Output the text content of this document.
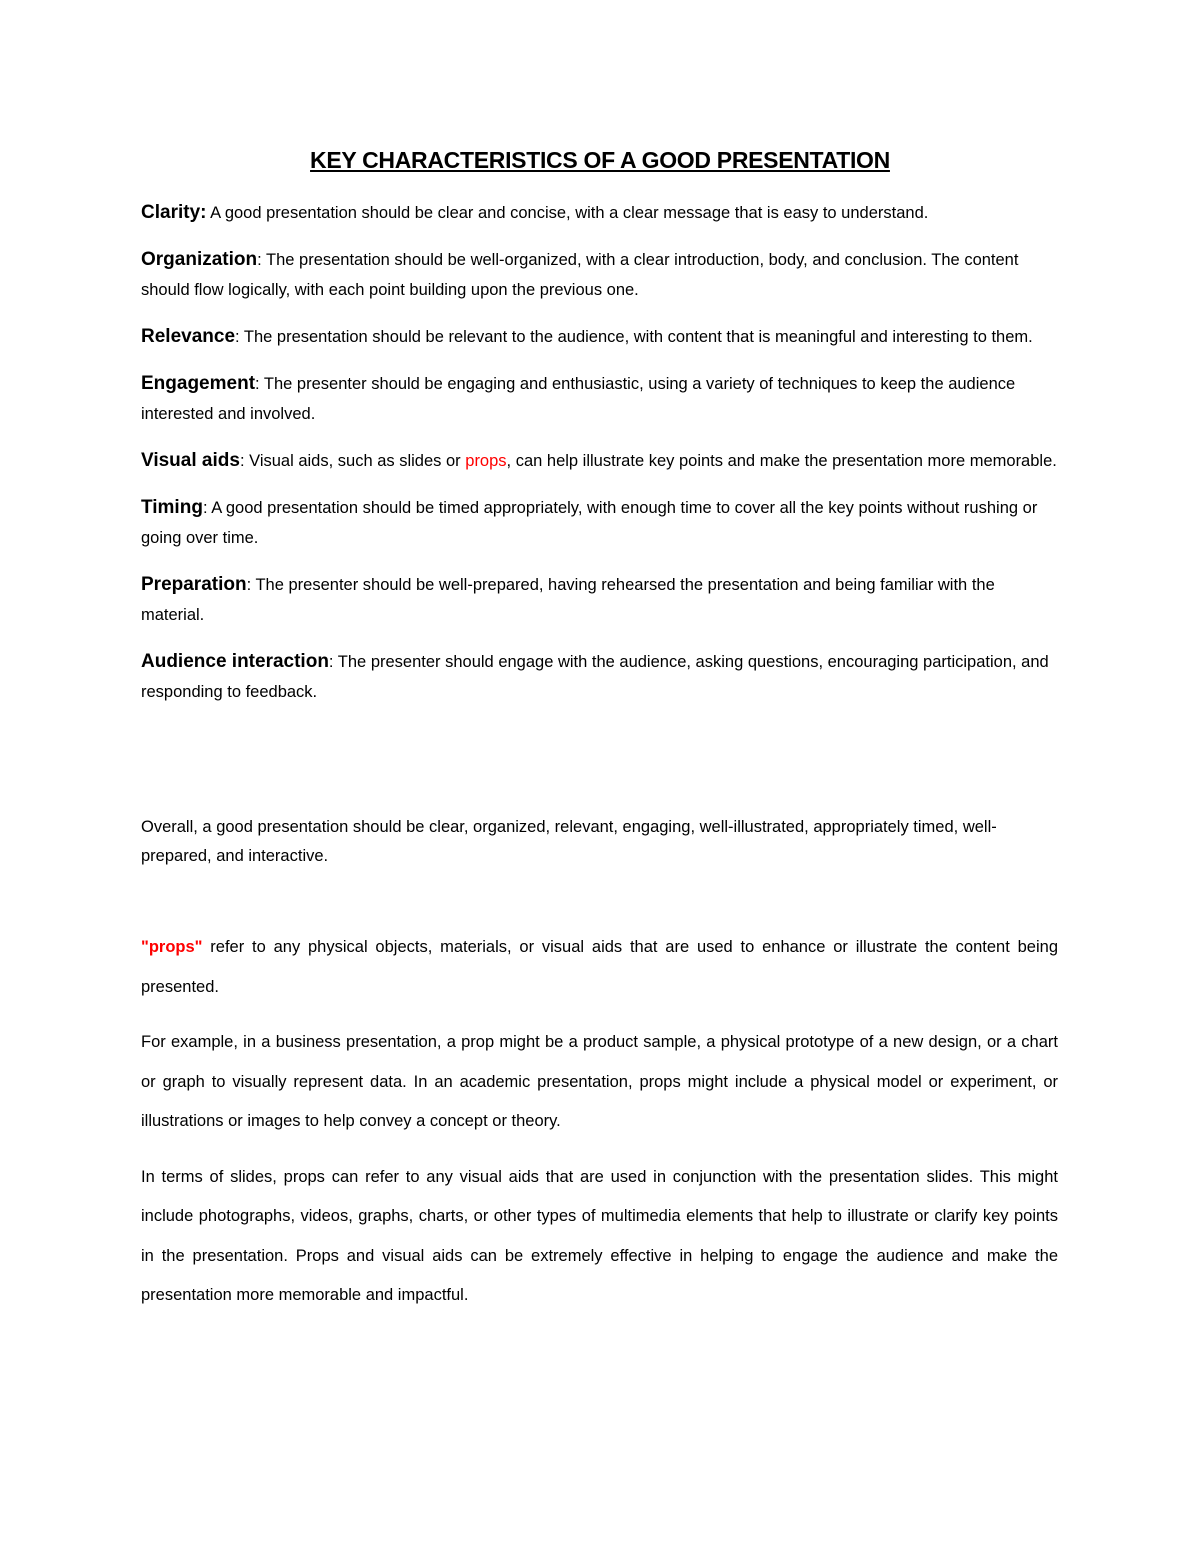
KEY CHARACTERISTICS OF A GOOD PRESENTATION
Clarity: A good presentation should be clear and concise, with a clear message that is easy to understand.
Organization: The presentation should be well-organized, with a clear introduction, body, and conclusion. The content should flow logically, with each point building upon the previous one.
Relevance: The presentation should be relevant to the audience, with content that is meaningful and interesting to them.
Engagement: The presenter should be engaging and enthusiastic, using a variety of techniques to keep the audience interested and involved.
Visual aids: Visual aids, such as slides or props, can help illustrate key points and make the presentation more memorable.
Timing: A good presentation should be timed appropriately, with enough time to cover all the key points without rushing or going over time.
Preparation: The presenter should be well-prepared, having rehearsed the presentation and being familiar with the material.
Audience interaction: The presenter should engage with the audience, asking questions, encouraging participation, and responding to feedback.
Overall, a good presentation should be clear, organized, relevant, engaging, well-illustrated, appropriately timed, well-prepared, and interactive.

"props" refer to any physical objects, materials, or visual aids that are used to enhance or illustrate the content being presented.

For example, in a business presentation, a prop might be a product sample, a physical prototype of a new design, or a chart or graph to visually represent data. In an academic presentation, props might include a physical model or experiment, or illustrations or images to help convey a concept or theory.

In terms of slides, props can refer to any visual aids that are used in conjunction with the presentation slides. This might include photographs, videos, graphs, charts, or other types of multimedia elements that help to illustrate or clarify key points in the presentation. Props and visual aids can be extremely effective in helping to engage the audience and make the presentation more memorable and impactful.
